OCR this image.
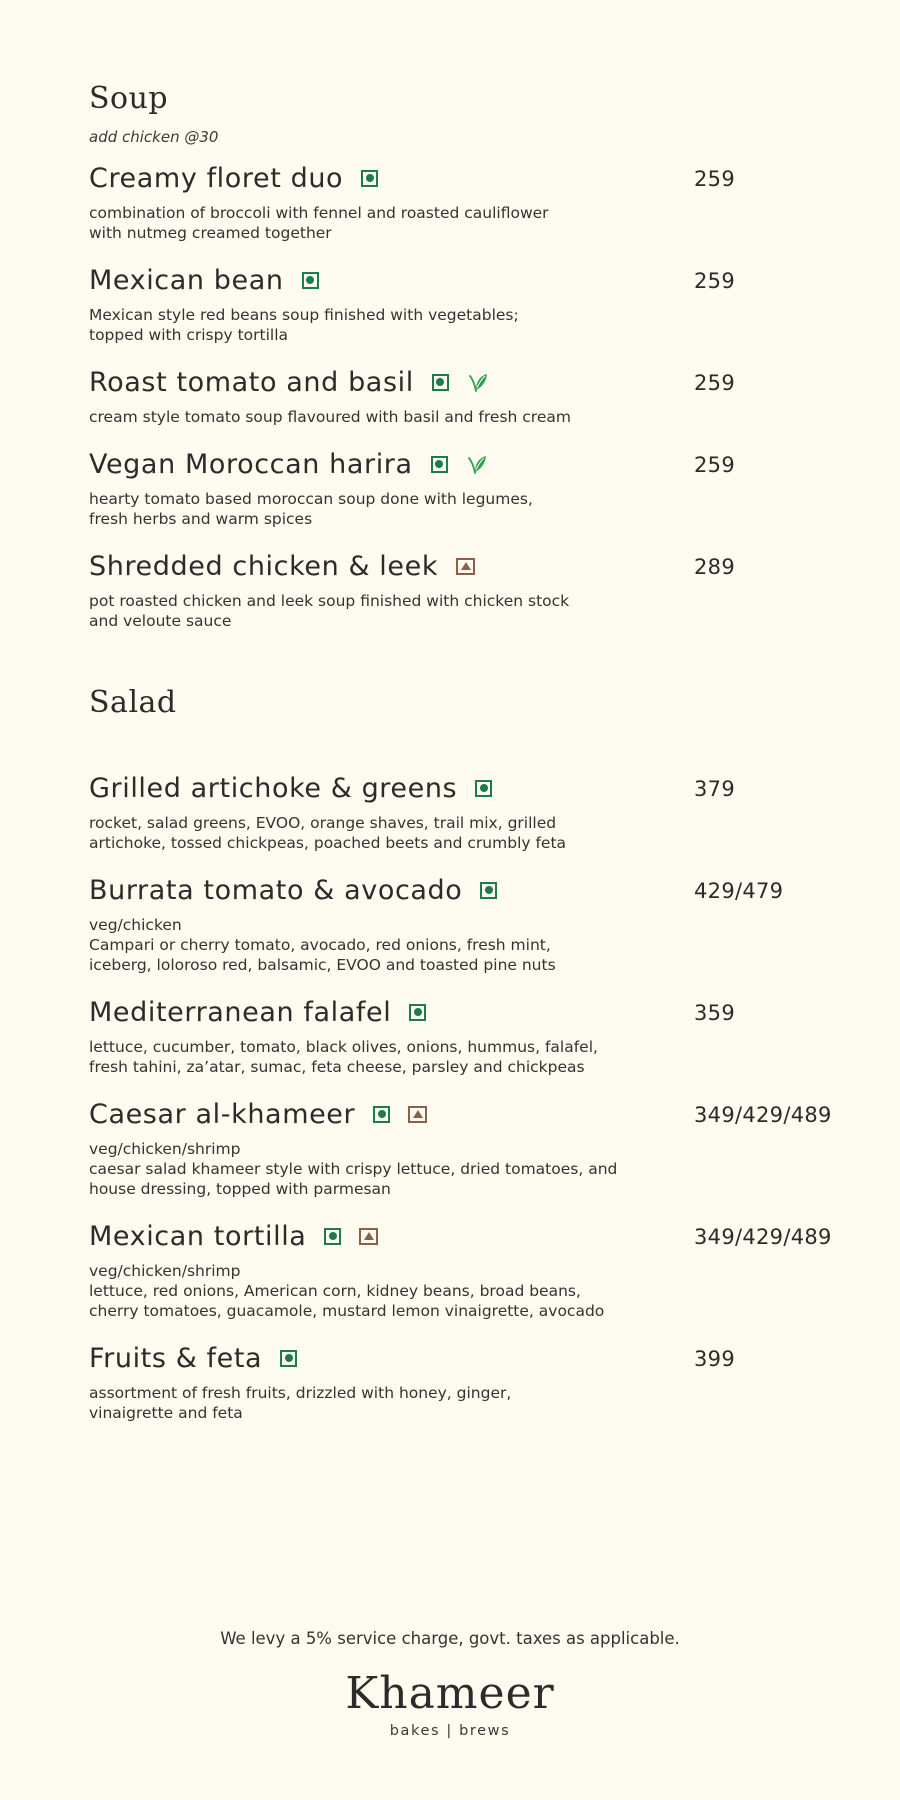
Soup
add chicken @30
Creamy floret duo	259
combination of broccoli with fennel and roasted cauliflower
with nutmeg creamed together
Mexican bean	259
Mexican style red beans soup finished with vegetables;
topped with crispy tortilla
Roast tomato and basil	259
cream style tomato soup flavoured with basil and fresh cream
Vegan Moroccan harira	259
hearty tomato based moroccan soup done with legumes,
fresh herbs and warm spices
Shredded chicken & leek	289
pot roasted chicken and leek soup finished with chicken stock
and veloute sauce
Salad
Grilled artichoke & greens	379
rocket, salad greens, EVOO, orange shaves, trail mix, grilled
artichoke, tossed chickpeas, poached beets and crumbly feta
Burrata tomato & avocado	429/479
veg/chicken
Campari or cherry tomato, avocado, red onions, fresh mint,
iceberg, loloroso red, balsamic, EVOO and toasted pine nuts
Mediterranean falafel	359
lettuce, cucumber, tomato, black olives, onions, hummus, falafel,
fresh tahini, za’atar, sumac, feta cheese, parsley and chickpeas
Caesar al-khameer	349/429/489
veg/chicken/shrimp
caesar salad khameer style with crispy lettuce, dried tomatoes, and
house dressing, topped with parmesan
Mexican tortilla	349/429/489
veg/chicken/shrimp
lettuce, red onions, American corn, kidney beans, broad beans,
cherry tomatoes, guacamole, mustard lemon vinaigrette, avocado
Fruits & feta	399
assortment of fresh fruits, drizzled with honey, ginger,
vinaigrette and feta
We levy a 5% service charge, govt. taxes as applicable.
Khameer
bakes | brews
